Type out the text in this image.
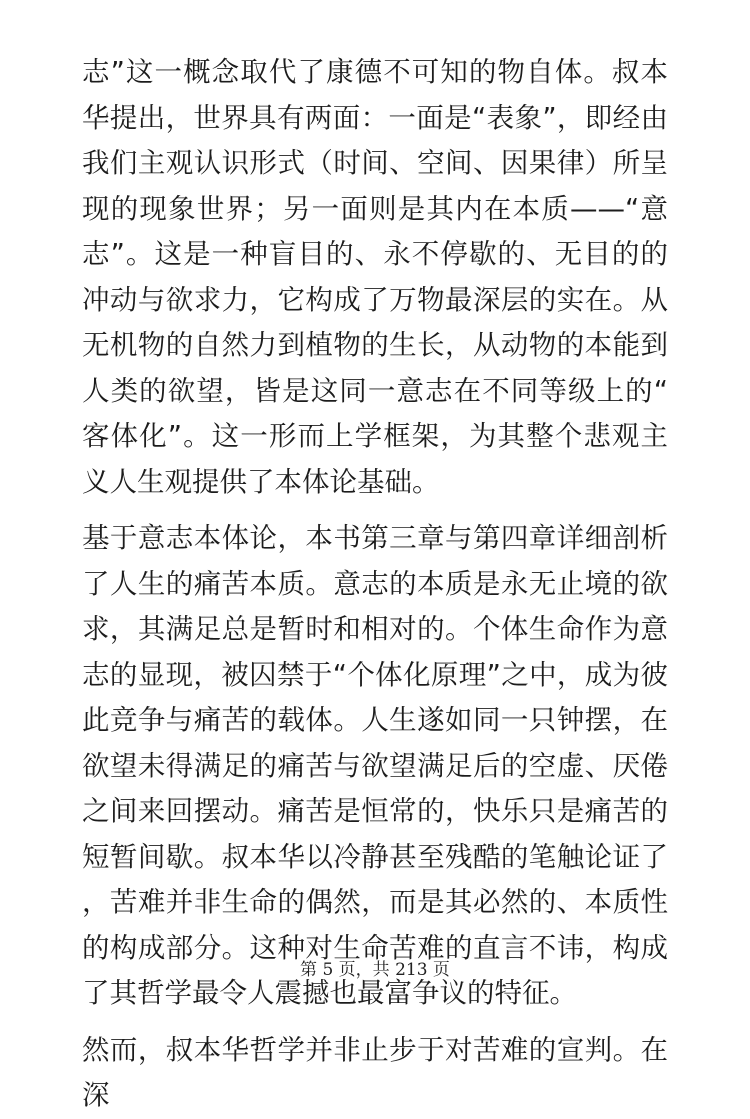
志”这一概念取代了康德不可知的物自体。叔本华提出，世界具有两面：一面是“表象”，即经由我们主观认识形式（时间、空间、因果律）所呈现的现象世界；另一面则是其内在本质——“意志”。这是一种盲目的、永不停歇的、无目的的冲动与欲求力，它构成了万物最深层的实在。从无机物的自然力到植物的生长，从动物的本能到人类的欲望，皆是这同一意志在不同等级上的“客体化”。这一形而上学框架，为其整个悲观主义人生观提供了本体论基础。

基于意志本体论，本书第三章与第四章详细剖析了人生的痛苦本质。意志的本质是永无止境的欲求，其满足总是暂时和相对的。个体生命作为意志的显现，被囚禁于“个体化原理”之中，成为彼此竞争与痛苦的载体。人生遂如同一只钟摆，在欲望未得满足的痛苦与欲望满足后的空虚、厌倦之间来回摆动。痛苦是恒常的，快乐只是痛苦的短暂间歇。叔本华以冷静甚至残酷的笔触论证了，苦难并非生命的偶然，而是其必然的、本质性的构成部分。这种对生命苦难的直言不讳，构成了其哲学最令人震撼也最富争议的特征。

然而，叔本华哲学并非止步于对苦难的宣判。在深

第 5 页，共 213 页
